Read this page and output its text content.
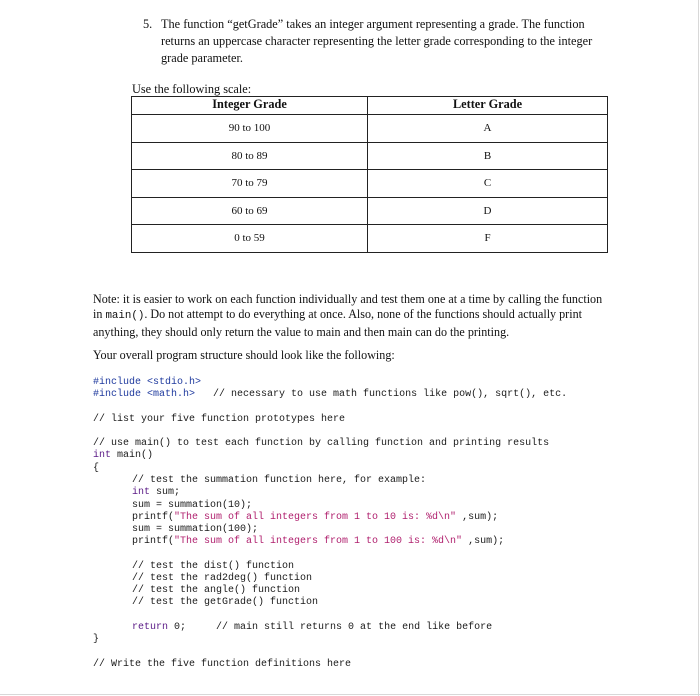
5. The function “getGrade” takes an integer argument representing a grade. The function returns an uppercase character representing the letter grade corresponding to the integer grade parameter.
Use the following scale:
Integer Grade	Letter Grade
90 to 100	A
80 to 89	B
70 to 79	C
60 to 69	D
0 to 59	F
Note: it is easier to work on each function individually and test them one at a time by calling the function in main(). Do not attempt to do everything at once. Also, none of the functions should actually print anything, they should only return the value to main and then main can do the printing.
Your overall program structure should look like the following:
#include <stdio.h>
#include <math.h>   // necessary to use math functions like pow(), sqrt(), etc.
// list your five function prototypes here
// use main() to test each function by calling function and printing results
int main()
{
// test the summation function here, for example:
int sum;
sum = summation(10);
printf("The sum of all integers from 1 to 10 is: %d\n" ,sum);
sum = summation(100);
printf("The sum of all integers from 1 to 100 is: %d\n" ,sum);
// test the dist() function
// test the rad2deg() function
// test the angle() function
// test the getGrade() function
return 0;     // main still returns 0 at the end like before
}
// Write the five function definitions here
